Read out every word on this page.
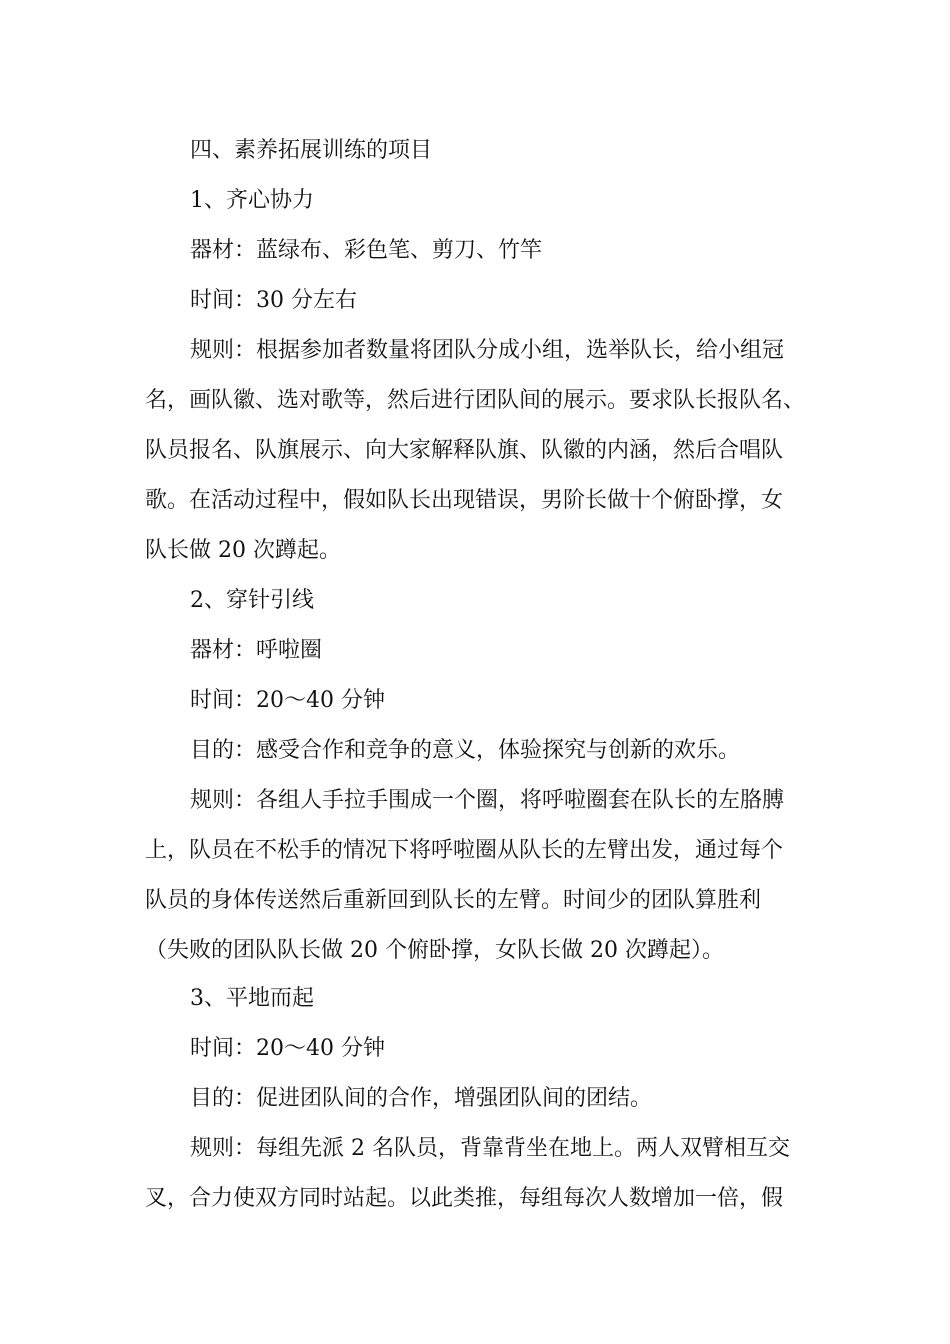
四、素养拓展训练的项目
1、齐心协力
器材：蓝绿布、彩色笔、剪刀、竹竿
时间：30 分左右
规则：根据参加者数量将团队分成小组，选举队长，给小组冠
名，画队徽、选对歌等，然后进行团队间的展示。要求队长报队名、
队员报名、队旗展示、向大家解释队旗、队徽的内涵，然后合唱队
歌。在活动过程中，假如队长出现错误，男阶长做十个俯卧撑，女
队长做 20 次蹲起。
2、穿针引线
器材：呼啦圈
时间：20～40 分钟
目的：感受合作和竞争的意义，体验探究与创新的欢乐。
规则：各组人手拉手围成一个圈，将呼啦圈套在队长的左胳膊
上，队员在不松手的情况下将呼啦圈从队长的左臂出发，通过每个
队员的身体传送然后重新回到队长的左臂。时间少的团队算胜利
（失败的团队队长做 20 个俯卧撑，女队长做 20 次蹲起）。
3、平地而起
时间：20～40 分钟
目的：促进团队间的合作，增强团队间的团结。
规则：每组先派 2 名队员，背靠背坐在地上。两人双臂相互交
叉，合力使双方同时站起。以此类推，每组每次人数增加一倍，假
